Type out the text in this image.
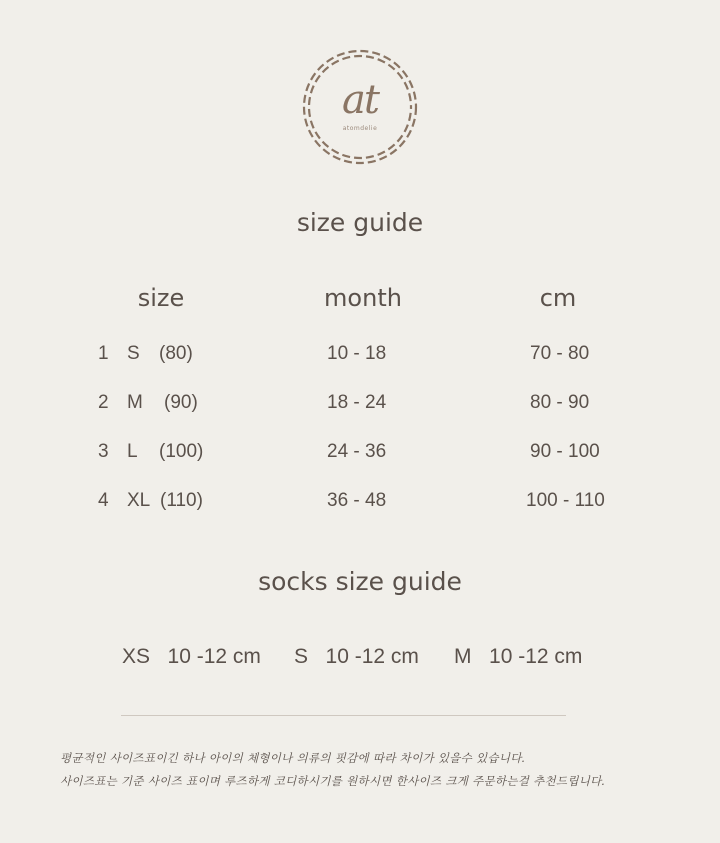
at
atomdelie
size guide
size	month	cm
1 S (80)	10 - 18	70 - 80
2 M (90)	18 - 24	80 - 90
3 L (100)	24 - 36	90 - 100
4 XL (110)	36 - 48	100 - 110
socks size guide
XS 10 -12 cm S 10 -12 cm M 10 -12 cm
평균적인 사이즈표이긴 하나 아이의 체형이나 의류의 핏감에 따라 차이가 있을수 있습니다.
사이즈표는 기준 사이즈 표이며 루즈하게 코디하시기를 원하시면 한사이즈 크게 주문하는걸 추천드립니다.
